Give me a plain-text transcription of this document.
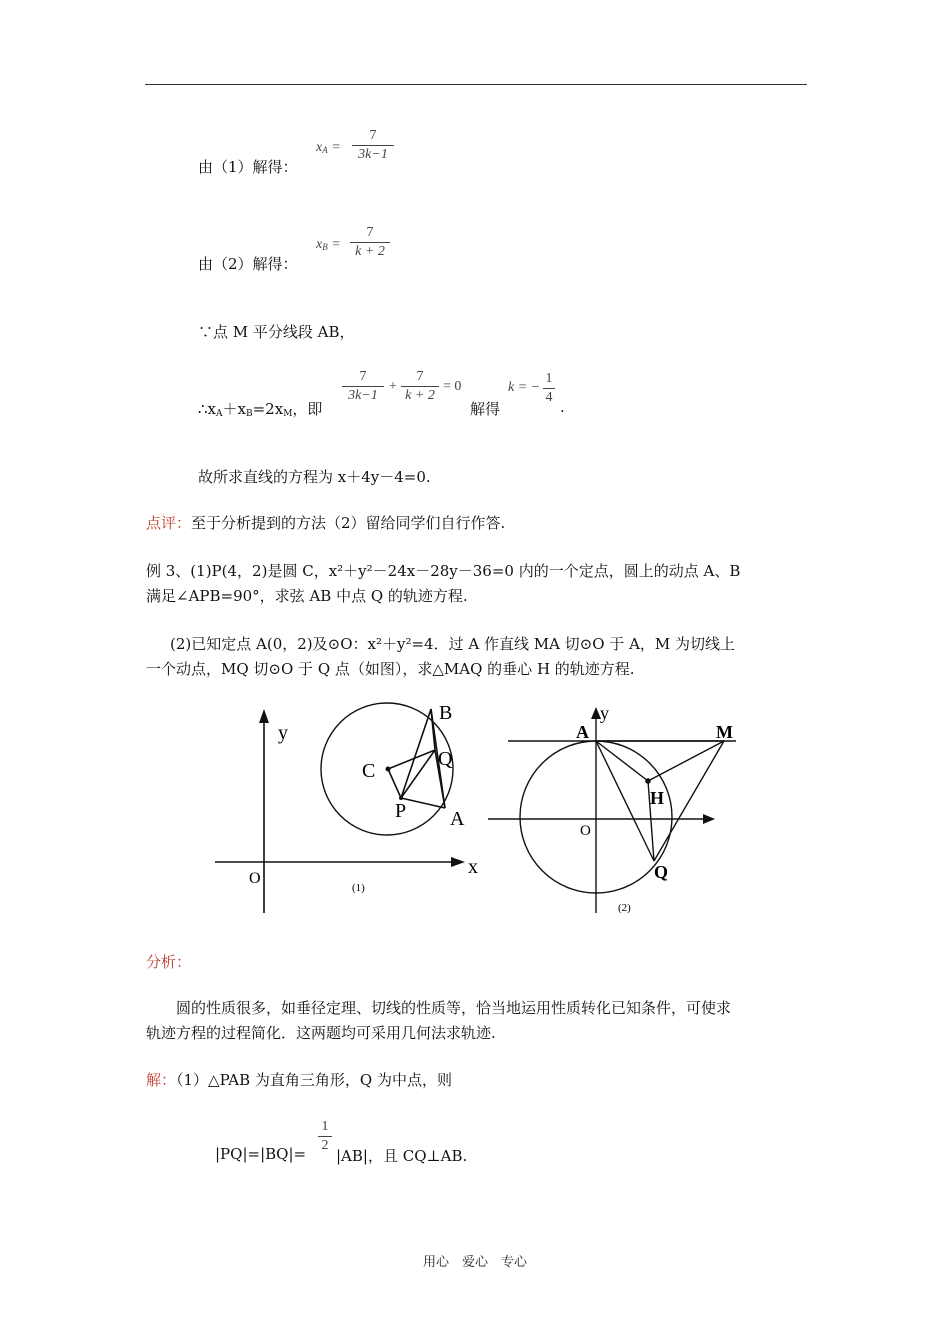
由（1）解得：
$x_A$ =
7
3k−1
由（2）解得：
$x_B$ =
7
k + 2
∵点 M 平分线段 AB，
$\therefore x_A+x_B=2x_M$，即
7
3k−1
+
7
k + 2
= 0
解得
k = −
1
4
.
故所求直线的方程为 x＋4y－4=0.
点评：至于分析提到的方法（2）留给同学们自行作答.
例 3、(1)P(4，2)是圆 C，x²＋y²－24x－28y－36=0 内的一个定点，圆上的动点 A、B
满足∠APB=90°，求弦 AB 中点 Q 的轨迹方程.
(2)已知定点 A(0，2)及⊙O：x²＋y²=4．过 A 作直线 MA 切⊙O 于 A，M 为切线上
一个动点，MQ 切⊙O 于 Q 点（如图），求△MAQ 的垂心 H 的轨迹方程.
y
x
O
C
B
Q
P A
(1)
A
y
M
H
O
Q
(2)
分析：
圆的性质很多，如垂径定理、切线的性质等，恰当地运用性质转化已知条件，可使求
轨迹方程的过程简化．这两题均可采用几何法求轨迹.
解：（1）△PAB 为直角三角形，Q 为中点，则
|PQ|=|BQ|=
1
2
|AB|，且 CQ⊥AB.
用心　爱心　专心
